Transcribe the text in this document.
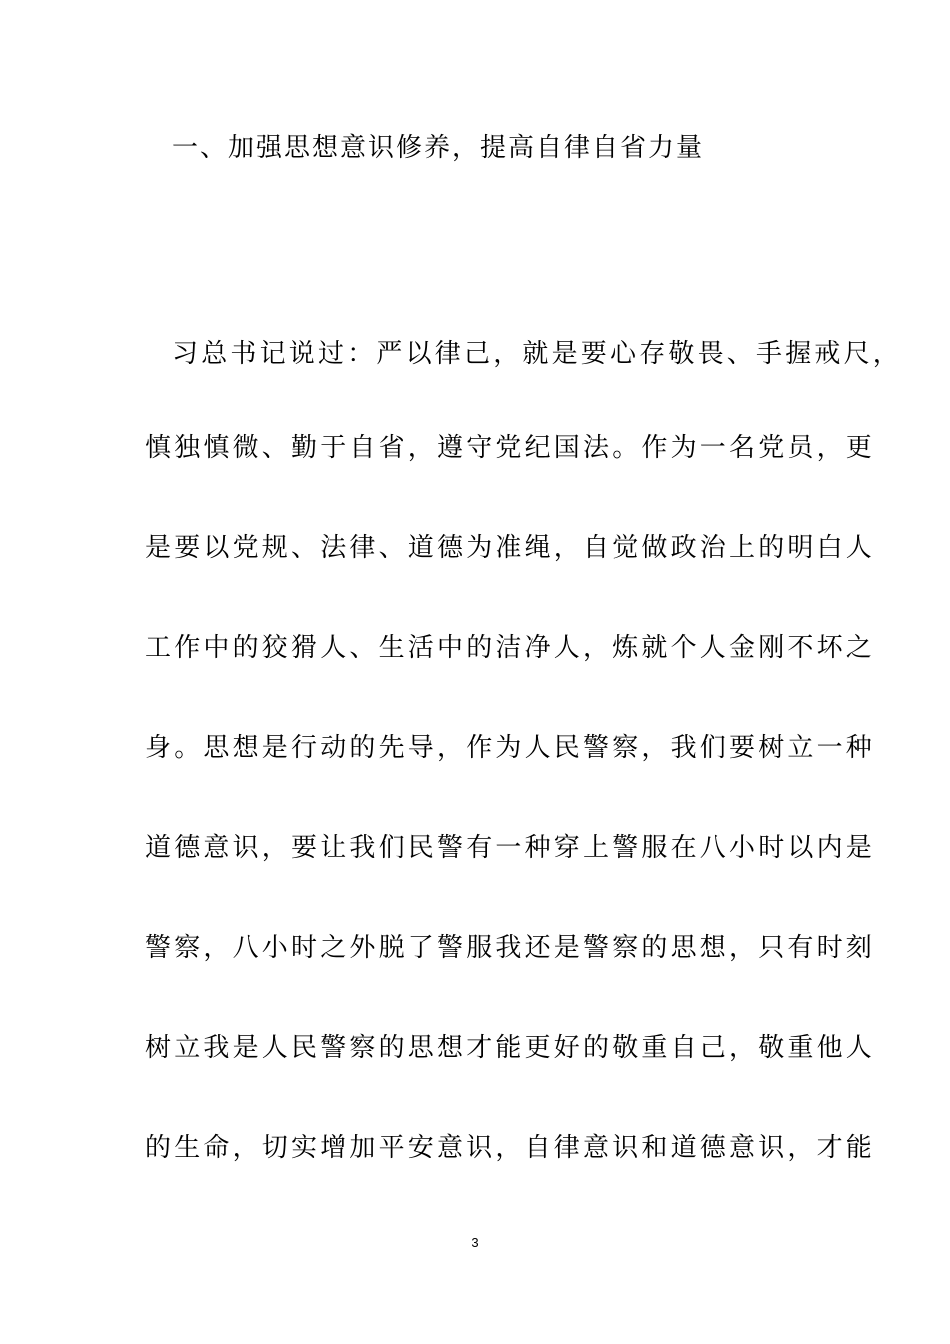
一、加强思想意识修养，提高自律自省力量
习总书记说过：严以律己，就是要心存敬畏、手握戒尺，
慎独慎微、勤于自省，遵守党纪国法。作为一名党员，更
是要以党规、法律、道德为准绳，自觉做政治上的明白人
工作中的狡猾人、生活中的洁净人，炼就个人金刚不坏之
身。思想是行动的先导，作为人民警察，我们要树立一种
道德意识，要让我们民警有一种穿上警服在八小时以内是
警察，八小时之外脱了警服我还是警察的思想，只有时刻
树立我是人民警察的思想才能更好的敬重自己，敬重他人
的生命，切实增加平安意识，自律意识和道德意识，才能
3
